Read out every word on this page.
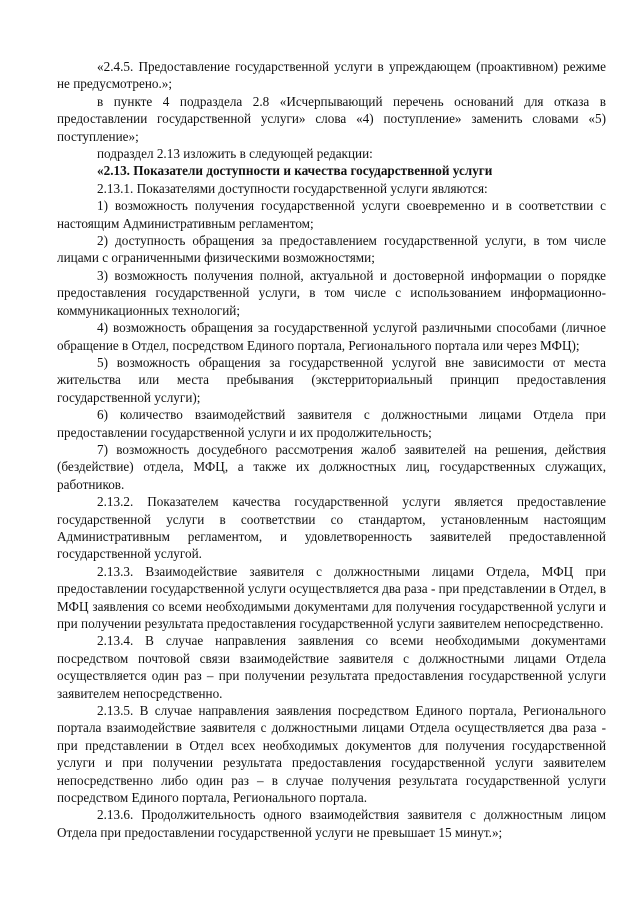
«2.4.5. Предоставление государственной услуги в упреждающем (проактивном) режиме не предусмотрено.»;

в пункте 4 подраздела 2.8 «Исчерпывающий перечень оснований для отказа в предоставлении государственной услуги» слова «4) поступление» заменить словами «5) поступление»;

подраздел 2.13 изложить в следующей редакции:

«2.13. Показатели доступности и качества государственной услуги

2.13.1. Показателями доступности государственной услуги являются:

1) возможность получения государственной услуги своевременно и в соответствии с настоящим Административным регламентом;

2) доступность обращения за предоставлением государственной услуги, в том числе лицами с ограниченными физическими возможностями;

3) возможность получения полной, актуальной и достоверной информации о порядке предоставления государственной услуги, в том числе с использованием информационно-коммуникационных технологий;

4) возможность обращения за государственной услугой различными способами (личное обращение в Отдел, посредством Единого портала, Регионального портала или через МФЦ);

5) возможность обращения за государственной услугой вне зависимости от места жительства или места пребывания (экстерриториальный принцип предоставления государственной услуги);

6) количество взаимодействий заявителя с должностными лицами Отдела при предоставлении государственной услуги и их продолжительность;

7) возможность досудебного рассмотрения жалоб заявителей на решения, действия (бездействие) отдела, МФЦ, а также их должностных лиц, государственных служащих, работников.

2.13.2. Показателем качества государственной услуги является предоставление государственной услуги в соответствии со стандартом, установленным настоящим Административным регламентом, и удовлетворенность заявителей предоставленной государственной услугой.

2.13.3. Взаимодействие заявителя с должностными лицами Отдела, МФЦ при предоставлении государственной услуги осуществляется два раза - при представлении в Отдел, в МФЦ заявления со всеми необходимыми документами для получения государственной услуги и при получении результата предоставления государственной услуги заявителем непосредственно.

2.13.4. В случае направления заявления со всеми необходимыми документами посредством почтовой связи взаимодействие заявителя с должностными лицами Отдела осуществляется один раз – при получении результата предоставления государственной услуги заявителем непосредственно.

2.13.5. В случае направления заявления посредством Единого портала, Регионального портала взаимодействие заявителя с должностными лицами Отдела осуществляется два раза - при представлении в Отдел всех необходимых документов для получения государственной услуги и при получении результата предоставления государственной услуги заявителем непосредственно либо один раз – в случае получения результата государственной услуги посредством Единого портала, Регионального портала.

2.13.6. Продолжительность одного взаимодействия заявителя с должностным лицом Отдела при предоставлении государственной услуги не превышает 15 минут.»;
